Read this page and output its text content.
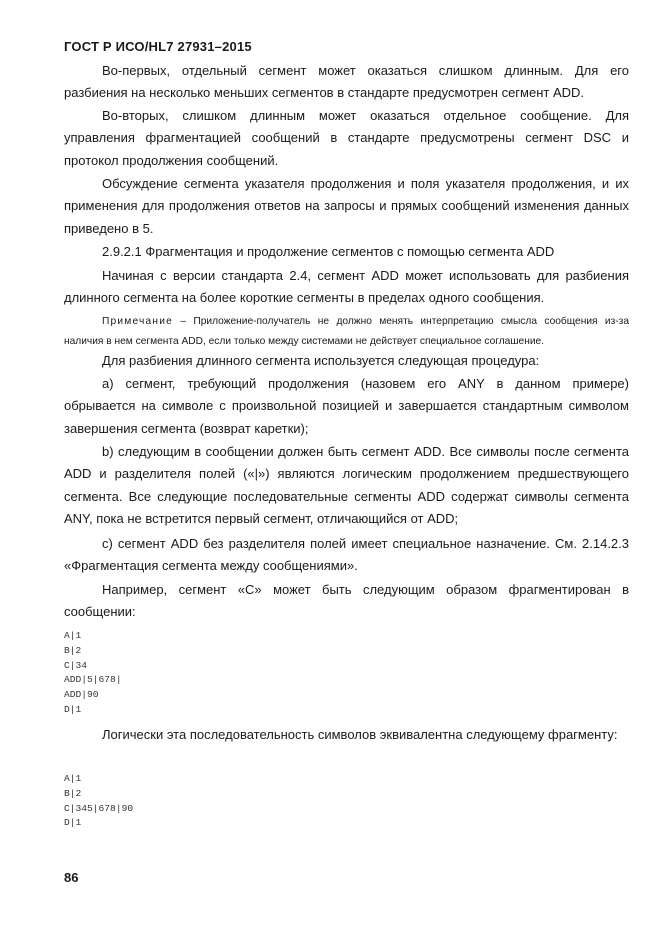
ГОСТ Р ИСО/HL7 27931–2015
Во-первых, отдельный сегмент может оказаться слишком длинным. Для его разбиения на несколько меньших сегментов в стандарте предусмотрен сегмент ADD.
Во-вторых, слишком длинным может оказаться отдельное сообщение. Для управления фрагментацией сообщений в стандарте предусмотрены сегмент DSC и протокол продолжения сообщений.
Обсуждение сегмента указателя продолжения и поля указателя продолжения, и их применения для продолжения ответов на запросы и прямых сообщений изменения данных приведено в 5.
2.9.2.1 Фрагментация и продолжение сегментов с помощью сегмента ADD
Начиная с версии стандарта 2.4, сегмент ADD может использовать для разбиения длинного сегмента на более короткие сегменты в пределах одного сообщения.
Примечание – Приложение-получатель не должно менять интерпретацию смысла сообщения из-за наличия в нем сегмента ADD, если только между системами не действует специальное соглашение.
Для разбиения длинного сегмента используется следующая процедура:
a) сегмент, требующий продолжения (назовем его ANY в данном примере) обрывается на символе с произвольной позицией и завершается стандартным символом завершения сегмента (возврат каретки);
b) следующим в сообщении должен быть сегмент ADD. Все символы после сегмента ADD и разделителя полей («|») являются логическим продолжением предшествующего сегмента. Все следующие последовательные сегменты ADD содержат символы сегмента ANY, пока не встретится первый сегмент, отличающийся от ADD;
c) сегмент ADD без разделителя полей имеет специальное назначение. См. 2.14.2.3 «Фрагментация сегмента между сообщениями».
Например, сегмент «C» может быть следующим образом фрагментирован в сообщении:
A|1
B|2
C|34
ADD|5|678|
ADD|90
D|1
Логически эта последовательность символов эквивалентна следующему фрагменту:
A|1
B|2
C|345|678|90
D|1
86
